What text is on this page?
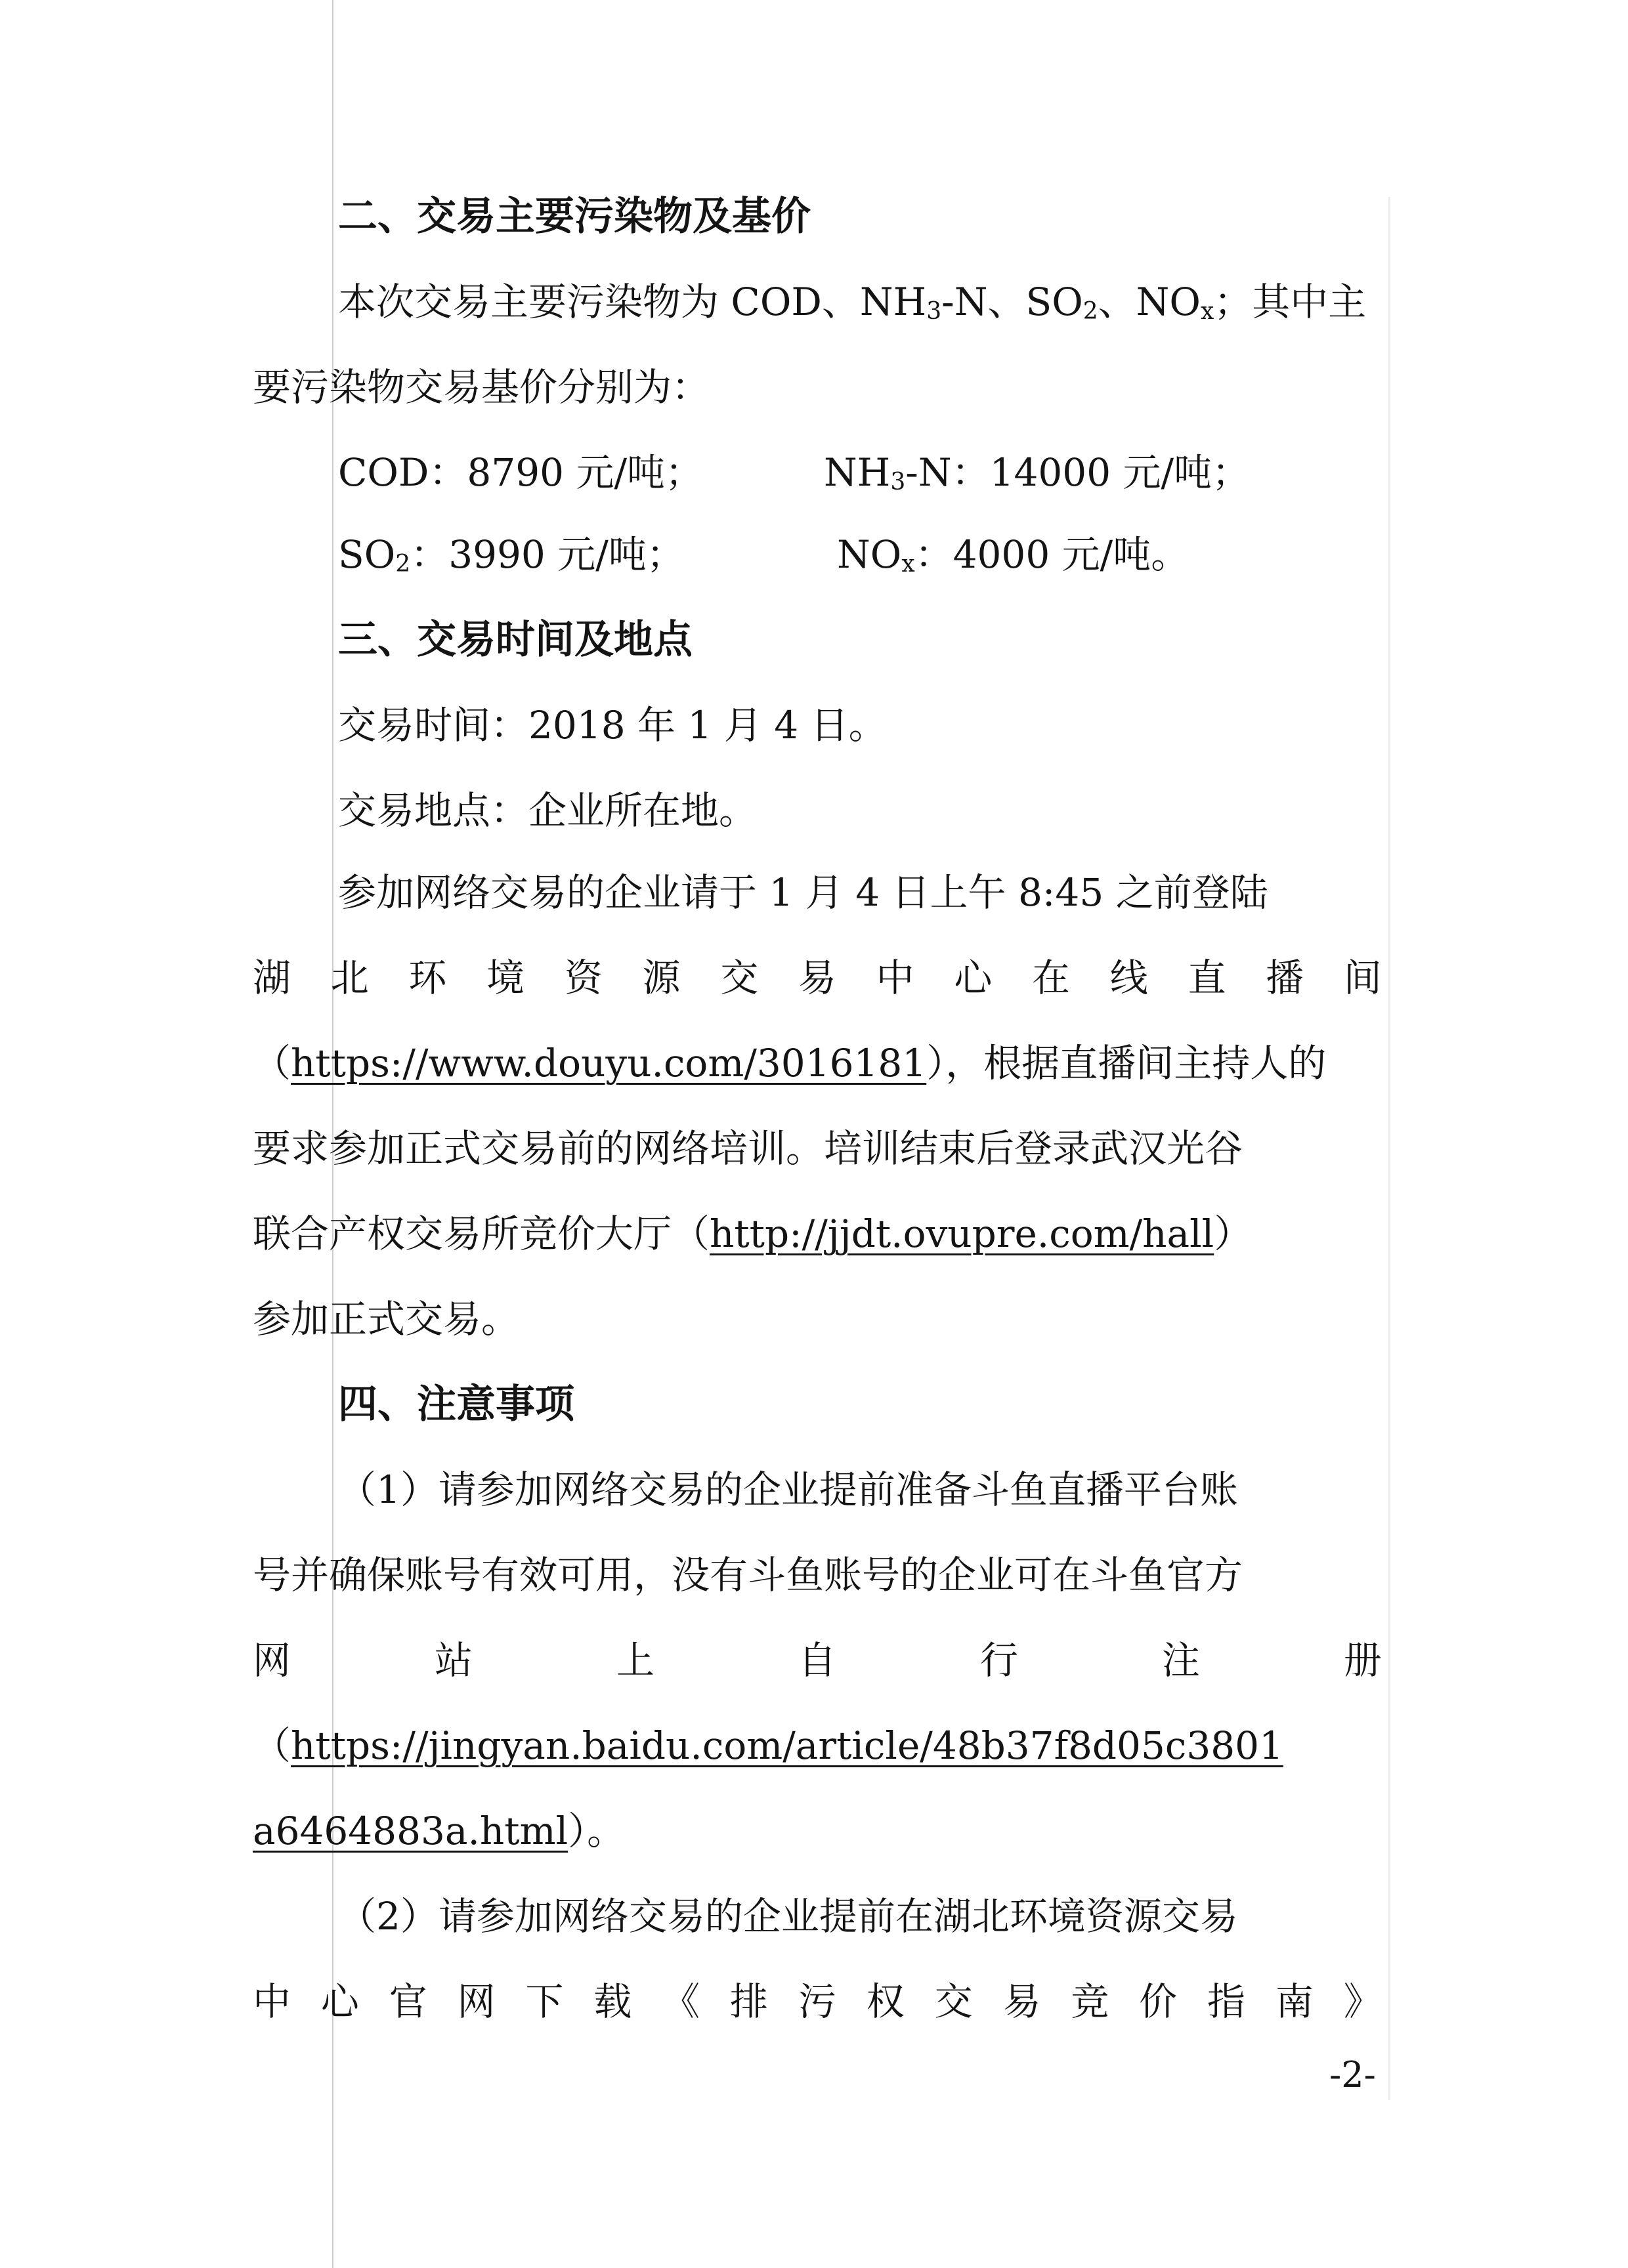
二、交易主要污染物及基价
本次交易主要污染物为 COD、$NH_3-N$、$SO_2$、$NO_x$；其中主
要污染物交易基价分别为：
COD：8790 元/吨；	$NH_3-N$：14000 元/吨；
$SO_2$：3990 元/吨；	$NO_x$：4000 元/吨。
三、交易时间及地点
交易时间：2018 年 1 月 4 日。
交易地点：企业所在地。
参加网络交易的企业请于 1 月 4 日上午 8:45 之前登陆
湖 北 环 境 资 源 交 易 中 心 在 线 直 播 间
（https://www.douyu.com/3016181），根据直播间主持人的
要求参加正式交易前的网络培训。培训结束后登录武汉光谷
联合产权交易所竞价大厅（http://jjdt.ovupre.com/hall）
参加正式交易。
四、注意事项
（1）请参加网络交易的企业提前准备斗鱼直播平台账
号并确保账号有效可用，没有斗鱼账号的企业可在斗鱼官方
网	站	上	自	行	注	册
（https://jingyan.baidu.com/article/48b37f8d05c3801
a6464883a.html）。
（2）请参加网络交易的企业提前在湖北环境资源交易
中 心 官 网 下 载 《 排 污 权 交 易 竞 价 指 南 》
-2-
